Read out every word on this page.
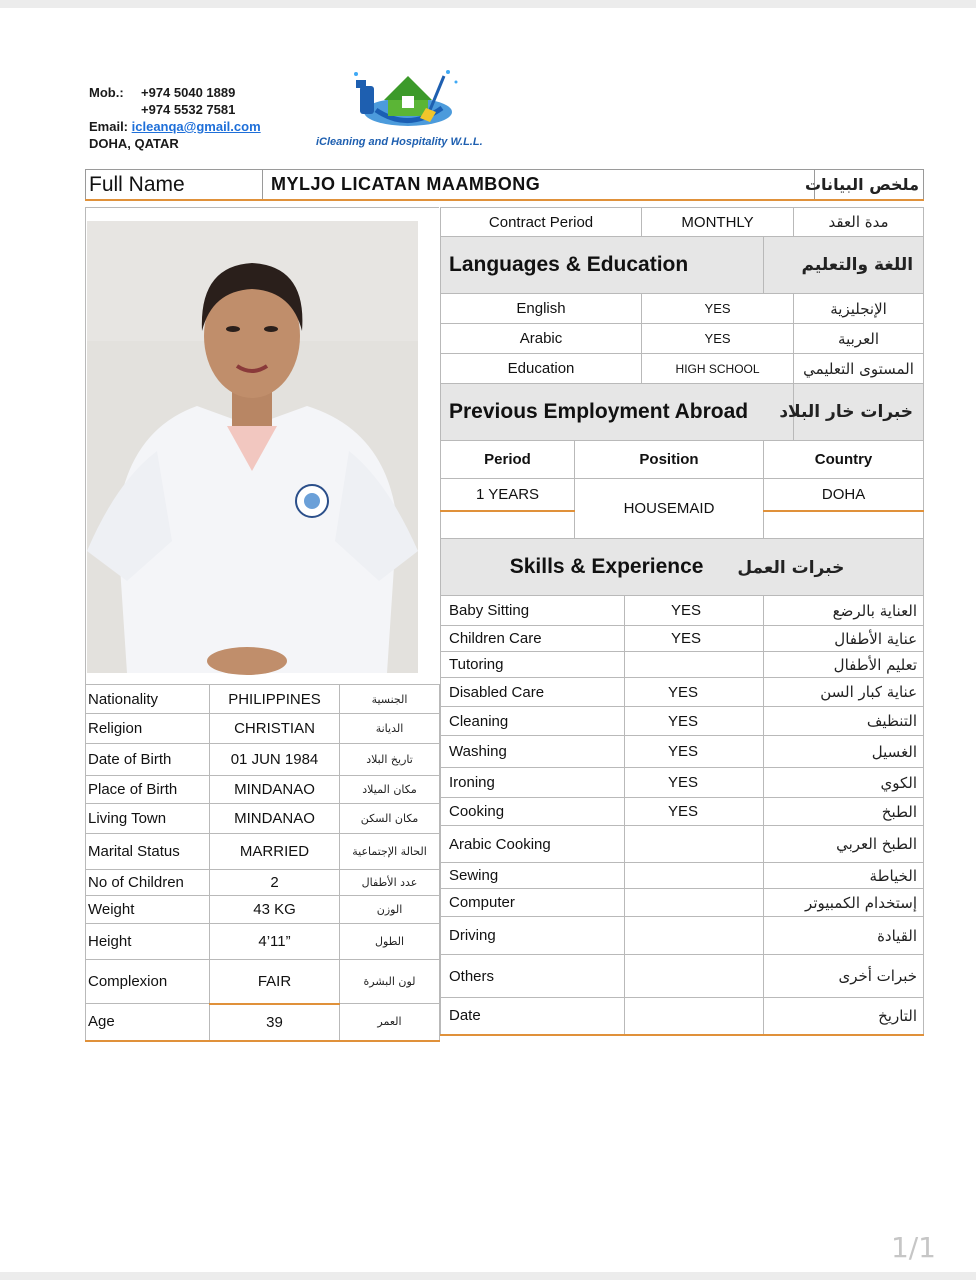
Mob.: +974 5040 1889
+974 5532 7581
Email: icleanqa@gmail.com
DOHA, QATAR	iCleaning and Hospitality W.L.L.
Full Name	MYLJO LICATAN MAAMBONG	ملخص البيانات
Nationality	PHILIPPINES	الجنسية
Religion	CHRISTIAN	الديانة
Date of Birth	01 JUN 1984	تاريخ البلاد
Place of Birth	MINDANAO	مكان الميلاد
Living Town	MINDANAO	مكان السكن
Marital Status	MARRIED	الحالة الإجتماعية
No of Children	2	عدد الأطفال
Weight	43 KG	الوزن
Height	4’11”	الطول
Complexion	FAIR	لون البشرة
Age	39	العمر
Contract Period			MONTHLY		مدة العقد
Languages & Education				اللغة والتعليم	
English			YES		الإنجليزية
Arabic			YES		العربية
Education			HIGH SCHOOL		المستوى التعليمي
Previous Employment Abroad					خبرات خار البلاد
Period	Position			Country	
1 YEARS	HOUSEMAID			DOHA	

Skills & Experience خبرات العمل					
Baby Sitting		YES		العناية بالرضع	
Children Care		YES		عناية الأطفال	
Tutoring				تعليم الأطفال	
Disabled Care		YES		عناية كبار السن	
Cleaning		YES		التنظيف	
Washing		YES		الغسيل	
Ironing		YES		الكوي	
Cooking		YES		الطبخ	
Arabic Cooking				الطبخ العربي	
Sewing				الخياطة	
Computer				إستخدام الكمبيوتر	
Driving				القيادة	
Others				خبرات أخرى	
Date				التاريخ	
1/1
